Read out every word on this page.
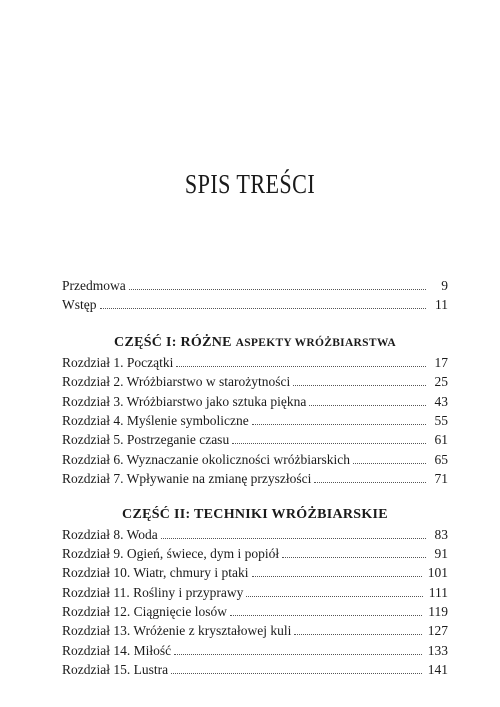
SPIS TREŚCI
Przedmowa	9
Wstęp	11
CZĘŚĆ I: RÓŻNE ASPEKTY WRÓŻBIARSTWA
Rozdział 1. Początki	17
Rozdział 2. Wróżbiarstwo w starożytności	25
Rozdział 3. Wróżbiarstwo jako sztuka piękna	43
Rozdział 4. Myślenie symboliczne	55
Rozdział 5. Postrzeganie czasu	61
Rozdział 6. Wyznaczanie okoliczności wróżbiarskich	65
Rozdział 7. Wpływanie na zmianę przyszłości	71
CZĘŚĆ II: TECHNIKI WRÓŻBIARSKIE
Rozdział 8. Woda	83
Rozdział 9. Ogień, świece, dym i popiół	91
Rozdział 10. Wiatr, chmury i ptaki	101
Rozdział 11. Rośliny i przyprawy	111
Rozdział 12. Ciągnięcie losów	119
Rozdział 13. Wróżenie z kryształowej kuli	127
Rozdział 14. Miłość	133
Rozdział 15. Lustra	141
